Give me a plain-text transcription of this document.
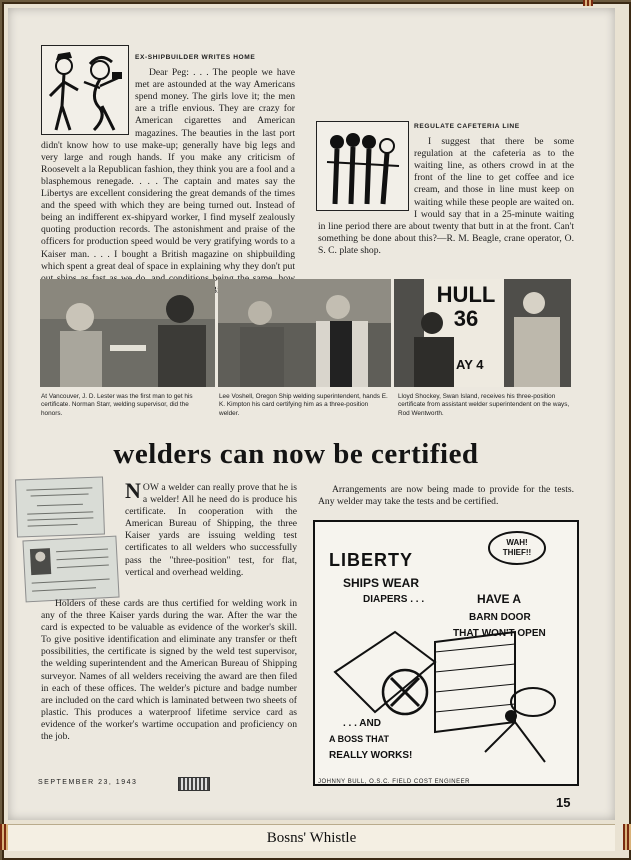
EX-SHIPBUILDER WRITES HOME

Dear Peg: . . . The people we have met are astounded at the way Americans spend money. The girls love it; the men are a trifle envious. They are crazy for American cigarettes and American magazines. The beauties in the last port didn't know how to use make-up; generally have big legs and very large and rough hands. If you make any criticism of Roosevelt a la Republican fashion, they think you are a fool and a blasphemous renegade. . . . The captain and mates say the Libertys are excellent considering the great demands of the times and the speed with which they are being turned out. Instead of being an indifferent ex-shipyard worker, I find myself zealously quoting production records. The astonishment and praise of the officers for production speed would be very gratifying words to a Kaiser man. . . . I bought a British magazine on shipbuilding which spent a great deal of space in explaining why they don't put

REGULATE CAFETERIA LINE

I suggest that there be some regulation at the cafeteria as to the waiting line, as others crowd in at the front of the line to get coffee and ice cream, and those in line must keep on waiting while these people are waited on. I would say that in a 25-minute waiting in line period there are about twenty that butt in at the front. Can't something be done about this?—R. M. Beagle, crane operator, O. S. C. plate shop.

HULL 36
AY 4
At Vancouver, J. D. Lester was the first man to get his certificate. Norman Starr, welding supervisor, did the honors.
Lee Voshell, Oregon Ship welding superintendent, hands E. K. Kimpton his card certifying him as a three-position welder.
Lloyd Shockey, Swan Island, receives his three-position certificate from assistant welder superintendent on the ways, Rod Wentworth.
welders can now be certified

NOW a welder can really prove that he is a welder! All he need do is produce his certificate. In cooperation with the American Bureau of Shipping, the three Kaiser yards are issuing welding test certificates to all welders who successfully pass the "three-position" test, for flat, vertical and overhead welding.

Holders of these cards are thus certified for welding work in any of the three Kaiser yards during the war. After the war the card is expected to be valuable as evidence of the worker's skill. To give positive identification and eliminate any transfer or theft possibilities, the certificate is signed by the weld test supervisor, the welding superintendent and the American Bureau of Shipping surveyor. Names of all welders receiving the award are then filed in each of these offices. The welder's picture and badge number are included on the card which is laminated between two sheets of plastic. This produces a waterproof lifetime service card as evidence of the worker's wartime occupation and proficiency on the job.

Arrangements are now being made to provide for the tests. Any welder may take the tests and be certified.

LIBERTY
SHIPS WEAR
DIAPERS . . .	HAVE A
BARN DOOR
THAT WON'T OPEN
WAH! THIEF!!
. . . AND
A BOSS THAT
REALLY WORKS!
SEPTEMBER 23, 1943	JOHNNY BULL, O.S.C. FIELD COST ENGINEER
15
Bosns' Whistle
